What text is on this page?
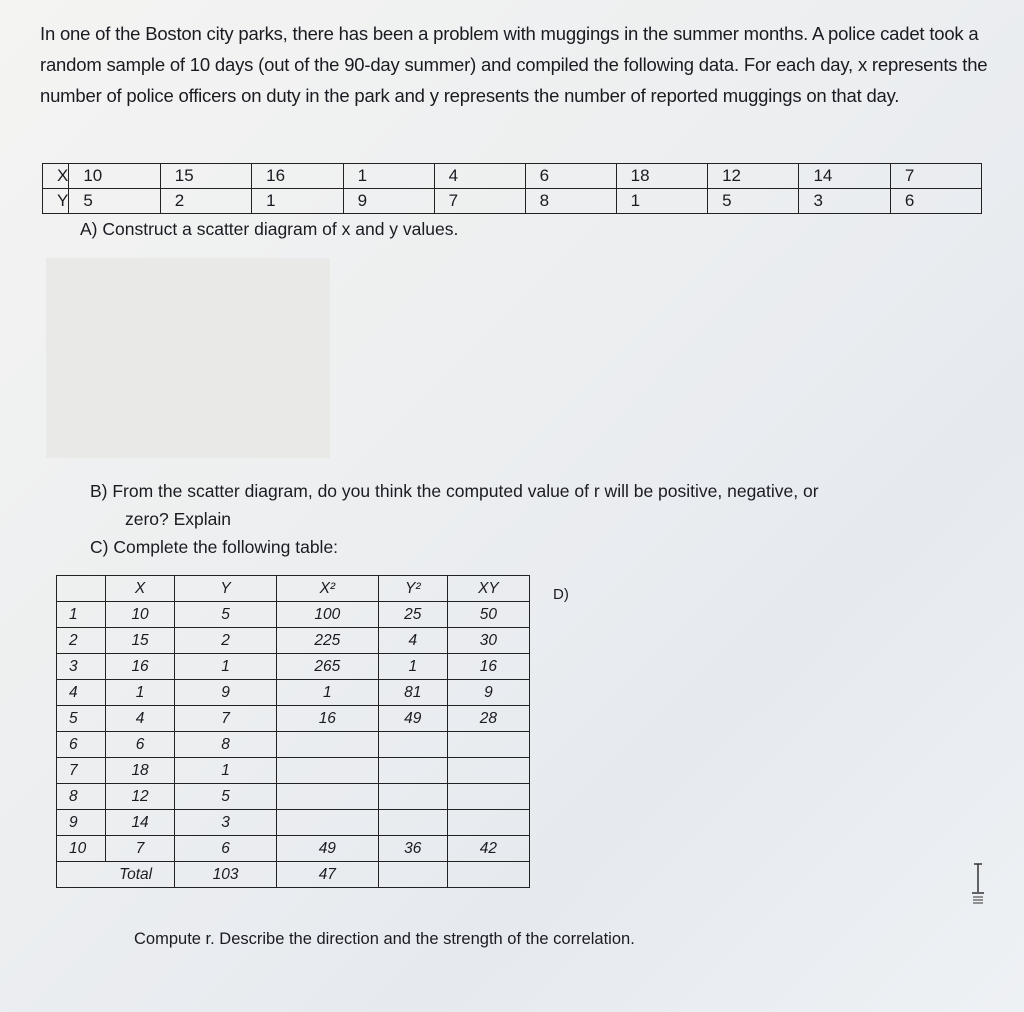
In one of the Boston city parks, there has been a problem with muggings in the summer months. A police cadet took a random sample of 10 days (out of the 90-day summer) and compiled the following data. For each day, x represents the number of police officers on duty in the park and y represents the number of reported muggings on that day.
X	10	15	16	1	4	6	18	12	14	7
Y	5	2	1	9	7	8	1	5	3	6
A) Construct a scatter diagram of x and y values.
B) From the scatter diagram, do you think the computed value of r will be positive, negative, or
zero? Explain
C) Complete the following table:
	X	Y	X²	Y²	XY
1	10	5	100	25	50
2	15	2	225	4	30
3	16	1	265	1	16
4	1	9	1	81	9
5	4	7	16	49	28
6	6	8			
7	18	1			
8	12	5			
9	14	3			
10	7	6	49	36	42
Total		103	47		
D)
Compute r. Describe the direction and the strength of the correlation.
